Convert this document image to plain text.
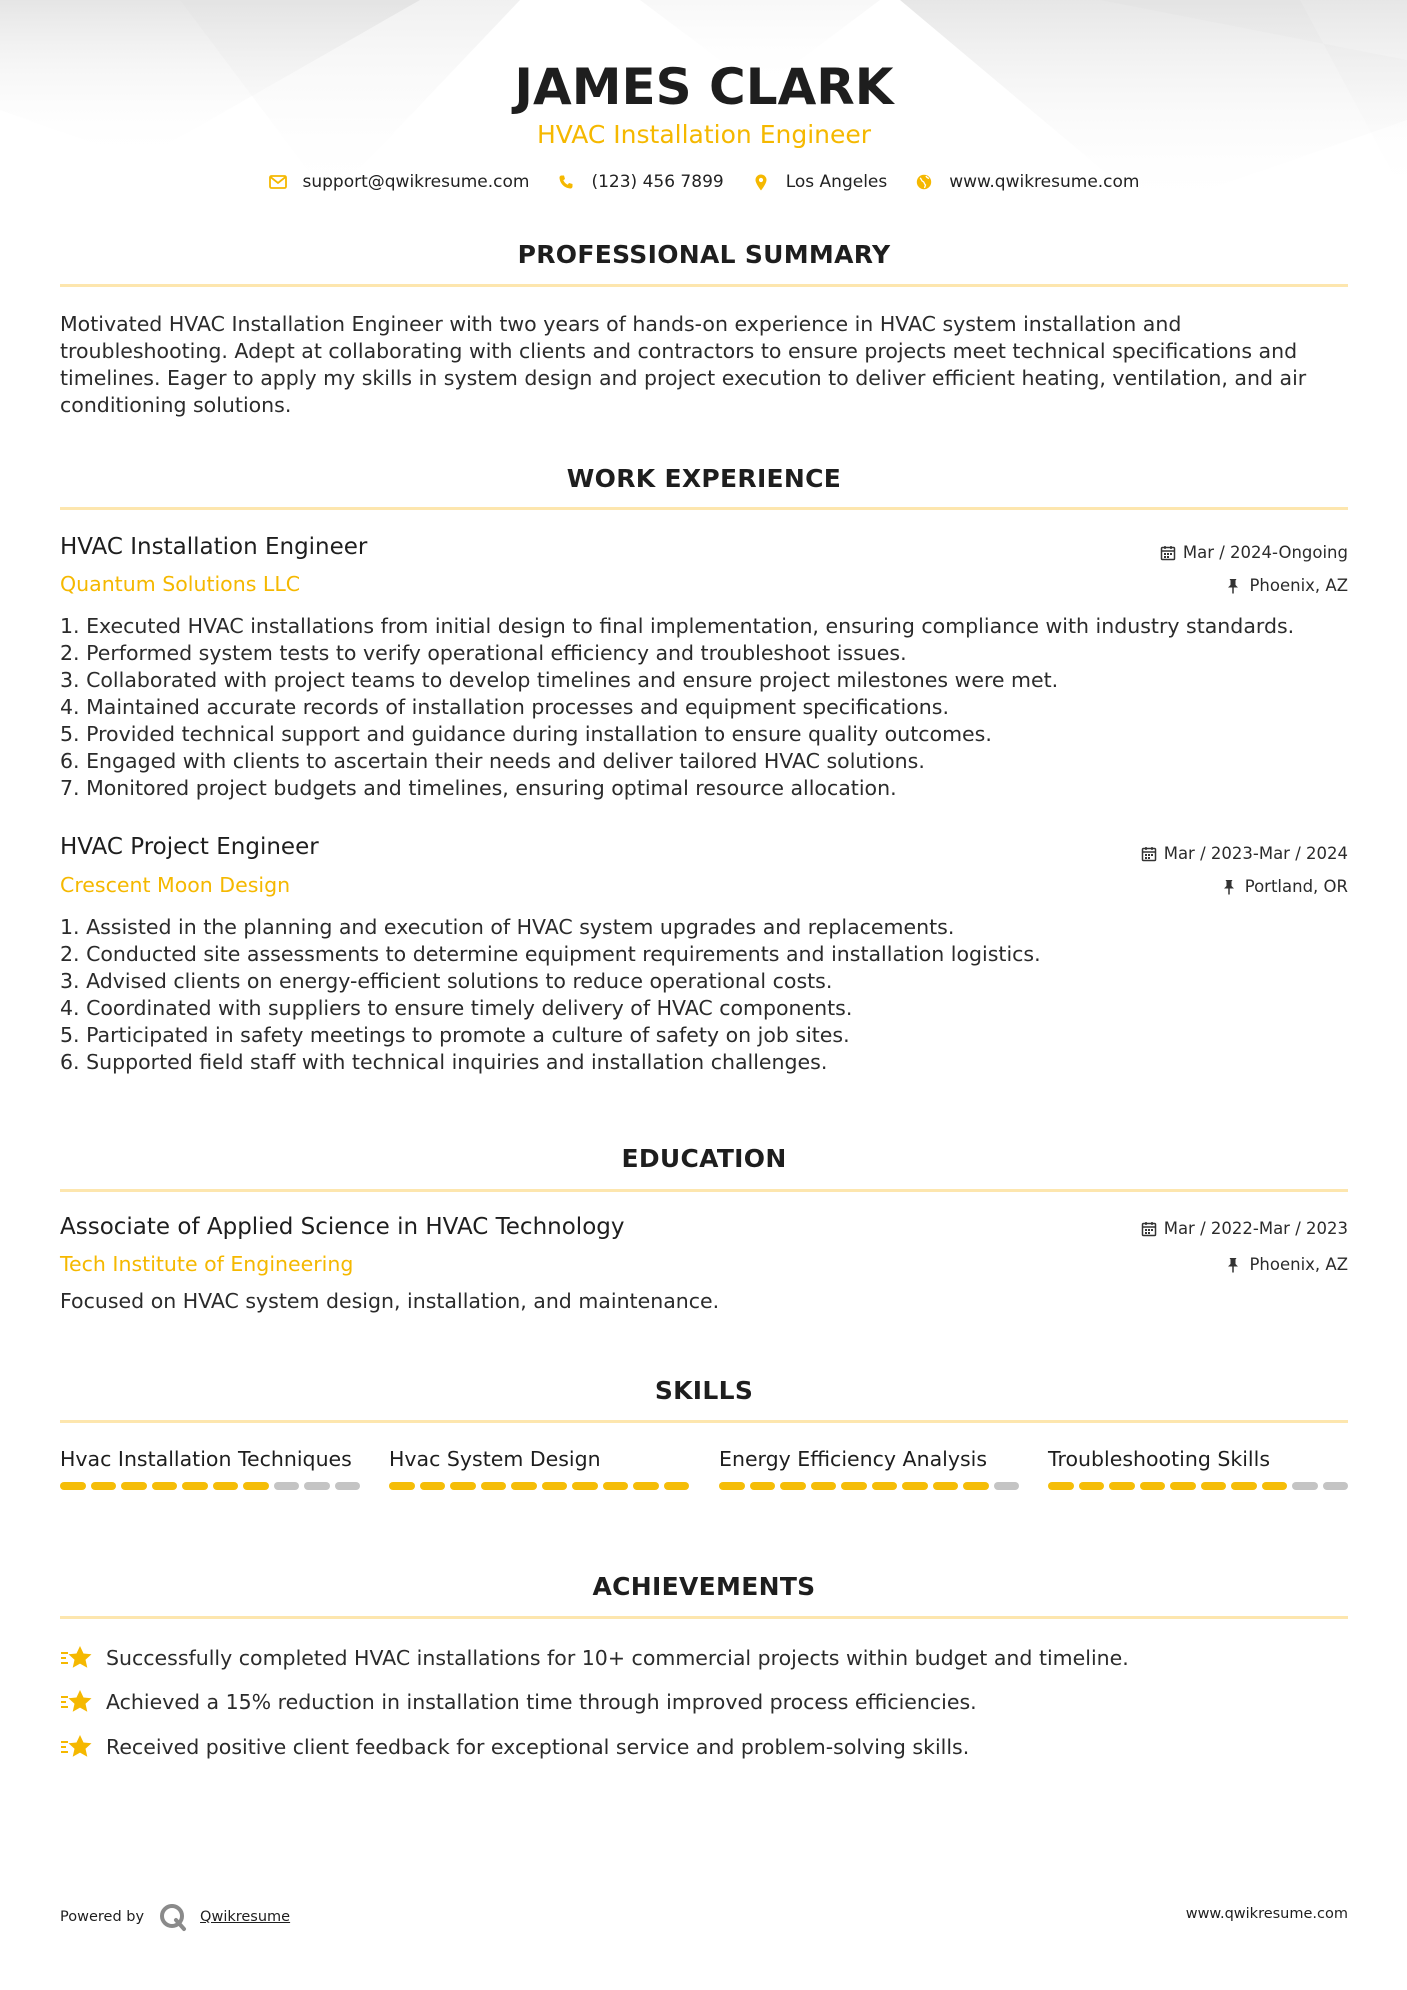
JAMES CLARK
HVAC Installation Engineer
support@qwikresume.com	(123) 456 7899	Los Angeles	www.qwikresume.com
PROFESSIONAL SUMMARY
Motivated HVAC Installation Engineer with two years of hands-on experience in HVAC system installation and troubleshooting. Adept at collaborating with clients and contractors to ensure projects meet technical specifications and timelines. Eager to apply my skills in system design and project execution to deliver efficient heating, ventilation, and air conditioning solutions.
WORK EXPERIENCE
HVAC Installation Engineer	Mar / 2024-Ongoing
Quantum Solutions LLC	Phoenix, AZ
1. Executed HVAC installations from initial design to final implementation, ensuring compliance with industry standards.
2. Performed system tests to verify operational efficiency and troubleshoot issues.
3. Collaborated with project teams to develop timelines and ensure project milestones were met.
4. Maintained accurate records of installation processes and equipment specifications.
5. Provided technical support and guidance during installation to ensure quality outcomes.
6. Engaged with clients to ascertain their needs and deliver tailored HVAC solutions.
7. Monitored project budgets and timelines, ensuring optimal resource allocation.
HVAC Project Engineer	Mar / 2023-Mar / 2024
Crescent Moon Design	Portland, OR
1. Assisted in the planning and execution of HVAC system upgrades and replacements.
2. Conducted site assessments to determine equipment requirements and installation logistics.
3. Advised clients on energy-efficient solutions to reduce operational costs.
4. Coordinated with suppliers to ensure timely delivery of HVAC components.
5. Participated in safety meetings to promote a culture of safety on job sites.
6. Supported field staff with technical inquiries and installation challenges.
EDUCATION
Associate of Applied Science in HVAC Technology	Mar / 2022-Mar / 2023
Tech Institute of Engineering	Phoenix, AZ
Focused on HVAC system design, installation, and maintenance.
SKILLS
Hvac Installation Techniques	Hvac System Design	Energy Efficiency Analysis	Troubleshooting Skills
ACHIEVEMENTS
Successfully completed HVAC installations for 10+ commercial projects within budget and timeline.
Achieved a 15% reduction in installation time through improved process efficiencies.
Received positive client feedback for exceptional service and problem-solving skills.
Powered by	Qwikresume	www.qwikresume.com
